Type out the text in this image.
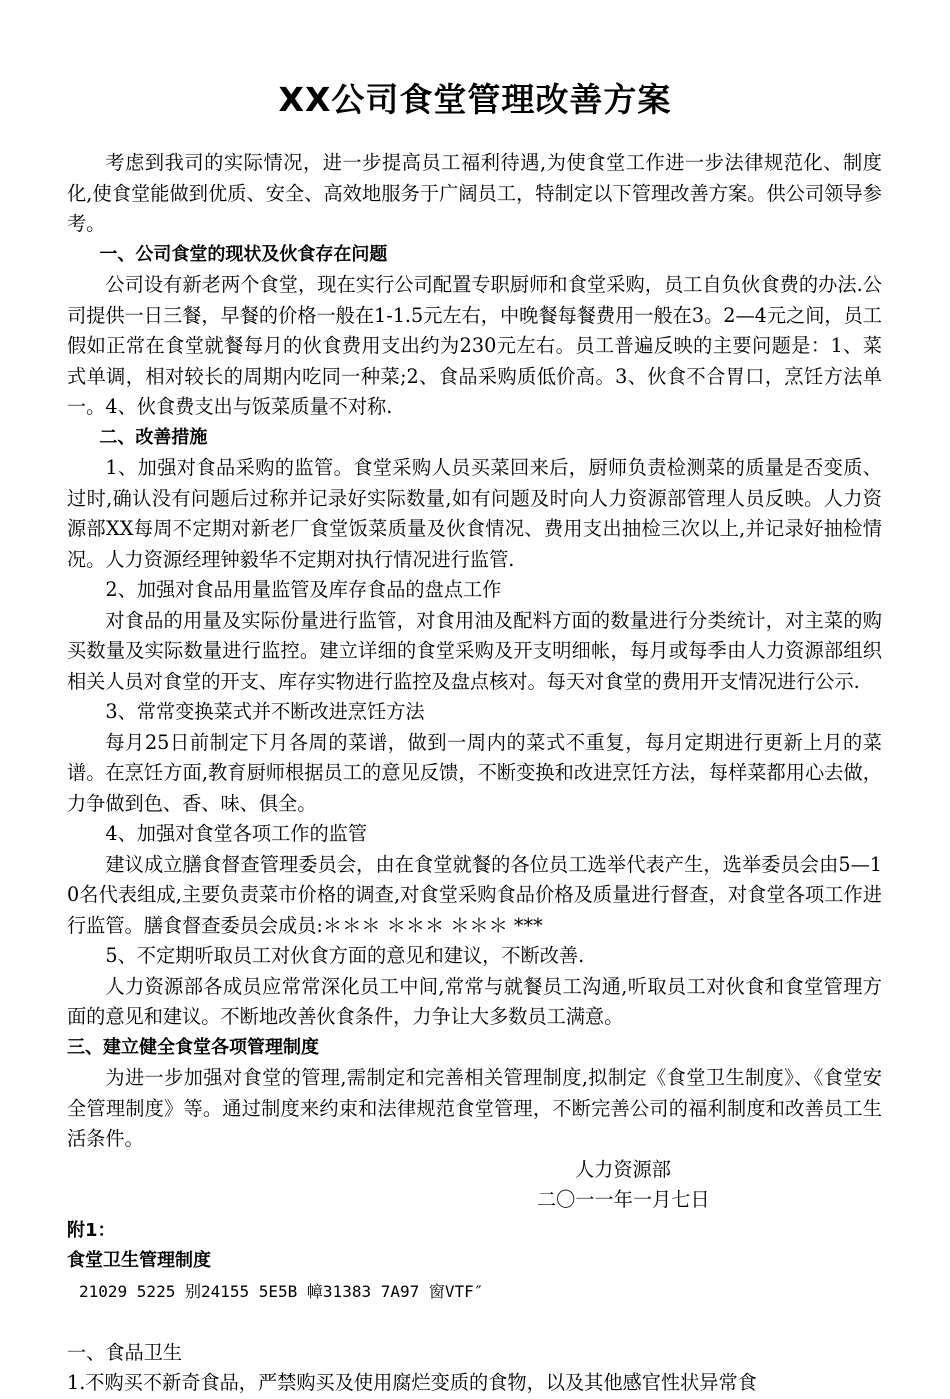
XX公司食堂管理改善方案

考虑到我司的实际情况，进一步提高员工福利待遇,为使食堂工作进一步法律规范化、制度化,使食堂能做到优质、安全、高效地服务于广阔员工，特制定以下管理改善方案。供公司领导参考。

一、公司食堂的现状及伙食存在问题

公司设有新老两个食堂，现在实行公司配置专职厨师和食堂采购，员工自负伙食费的办法.公司提供一日三餐，早餐的价格一般在1-1.5元左右，中晚餐每餐费用一般在3。2—4元之间，员工假如正常在食堂就餐每月的伙食费用支出约为230元左右。员工普遍反映的主要问题是：1、菜式单调，相对较长的周期内吃同一种菜;2、食品采购质低价高。3、伙食不合胃口，烹饪方法单一。4、伙食费支出与饭菜质量不对称.

二、改善措施

1、加强对食品采购的监管。食堂采购人员买菜回来后，厨师负责检测菜的质量是否变质、过时,确认没有问题后过称并记录好实际数量,如有问题及时向人力资源部管理人员反映。人力资源部XX每周不定期对新老厂食堂饭菜质量及伙食情况、费用支出抽检三次以上,并记录好抽检情况。人力资源经理钟毅华不定期对执行情况进行监管.

2、加强对食品用量监管及库存食品的盘点工作

对食品的用量及实际份量进行监管，对食用油及配料方面的数量进行分类统计，对主菜的购买数量及实际数量进行监控。建立详细的食堂采购及开支明细帐，每月或每季由人力资源部组织相关人员对食堂的开支、库存实物进行监控及盘点核对。每天对食堂的费用开支情况进行公示.

3、常常变换菜式并不断改进烹饪方法

每月25日前制定下月各周的菜谱，做到一周内的菜式不重复，每月定期进行更新上月的菜谱。在烹饪方面,教育厨师根据员工的意见反馈，不断变换和改进烹饪方法，每样菜都用心去做，力争做到色、香、味、俱全。

4、加强对食堂各项工作的监管

建议成立膳食督查管理委员会，由在食堂就餐的各位员工选举代表产生，选举委员会由5—10名代表组成,主要负责菜市价格的调查,对食堂采购食品价格及质量进行督查，对食堂各项工作进行监管。膳食督查委员会成员:＊＊＊ ＊＊＊ ＊＊＊ ***

5、不定期听取员工对伙食方面的意见和建议，不断改善.

人力资源部各成员应常常深化员工中间,常常与就餐员工沟通,听取员工对伙食和食堂管理方面的意见和建议。不断地改善伙食条件，力争让大多数员工满意。

三、建立健全食堂各项管理制度

为进一步加强对食堂的管理,需制定和完善相关管理制度,拟制定《食堂卫生制度》、《食堂安全管理制度》等。通过制度来约束和法律规范食堂管理，不断完善公司的福利制度和改善员工生活条件。

人力资源部

二〇一一年一月七日

附1：

食堂卫生管理制度

21029 5225 别24155 5E5B 幛31383 7A97 窗VTF″

一、食品卫生

1.不购买不新奇食品，严禁购买及使用腐烂变质的食物，以及其他感官性状异常食
